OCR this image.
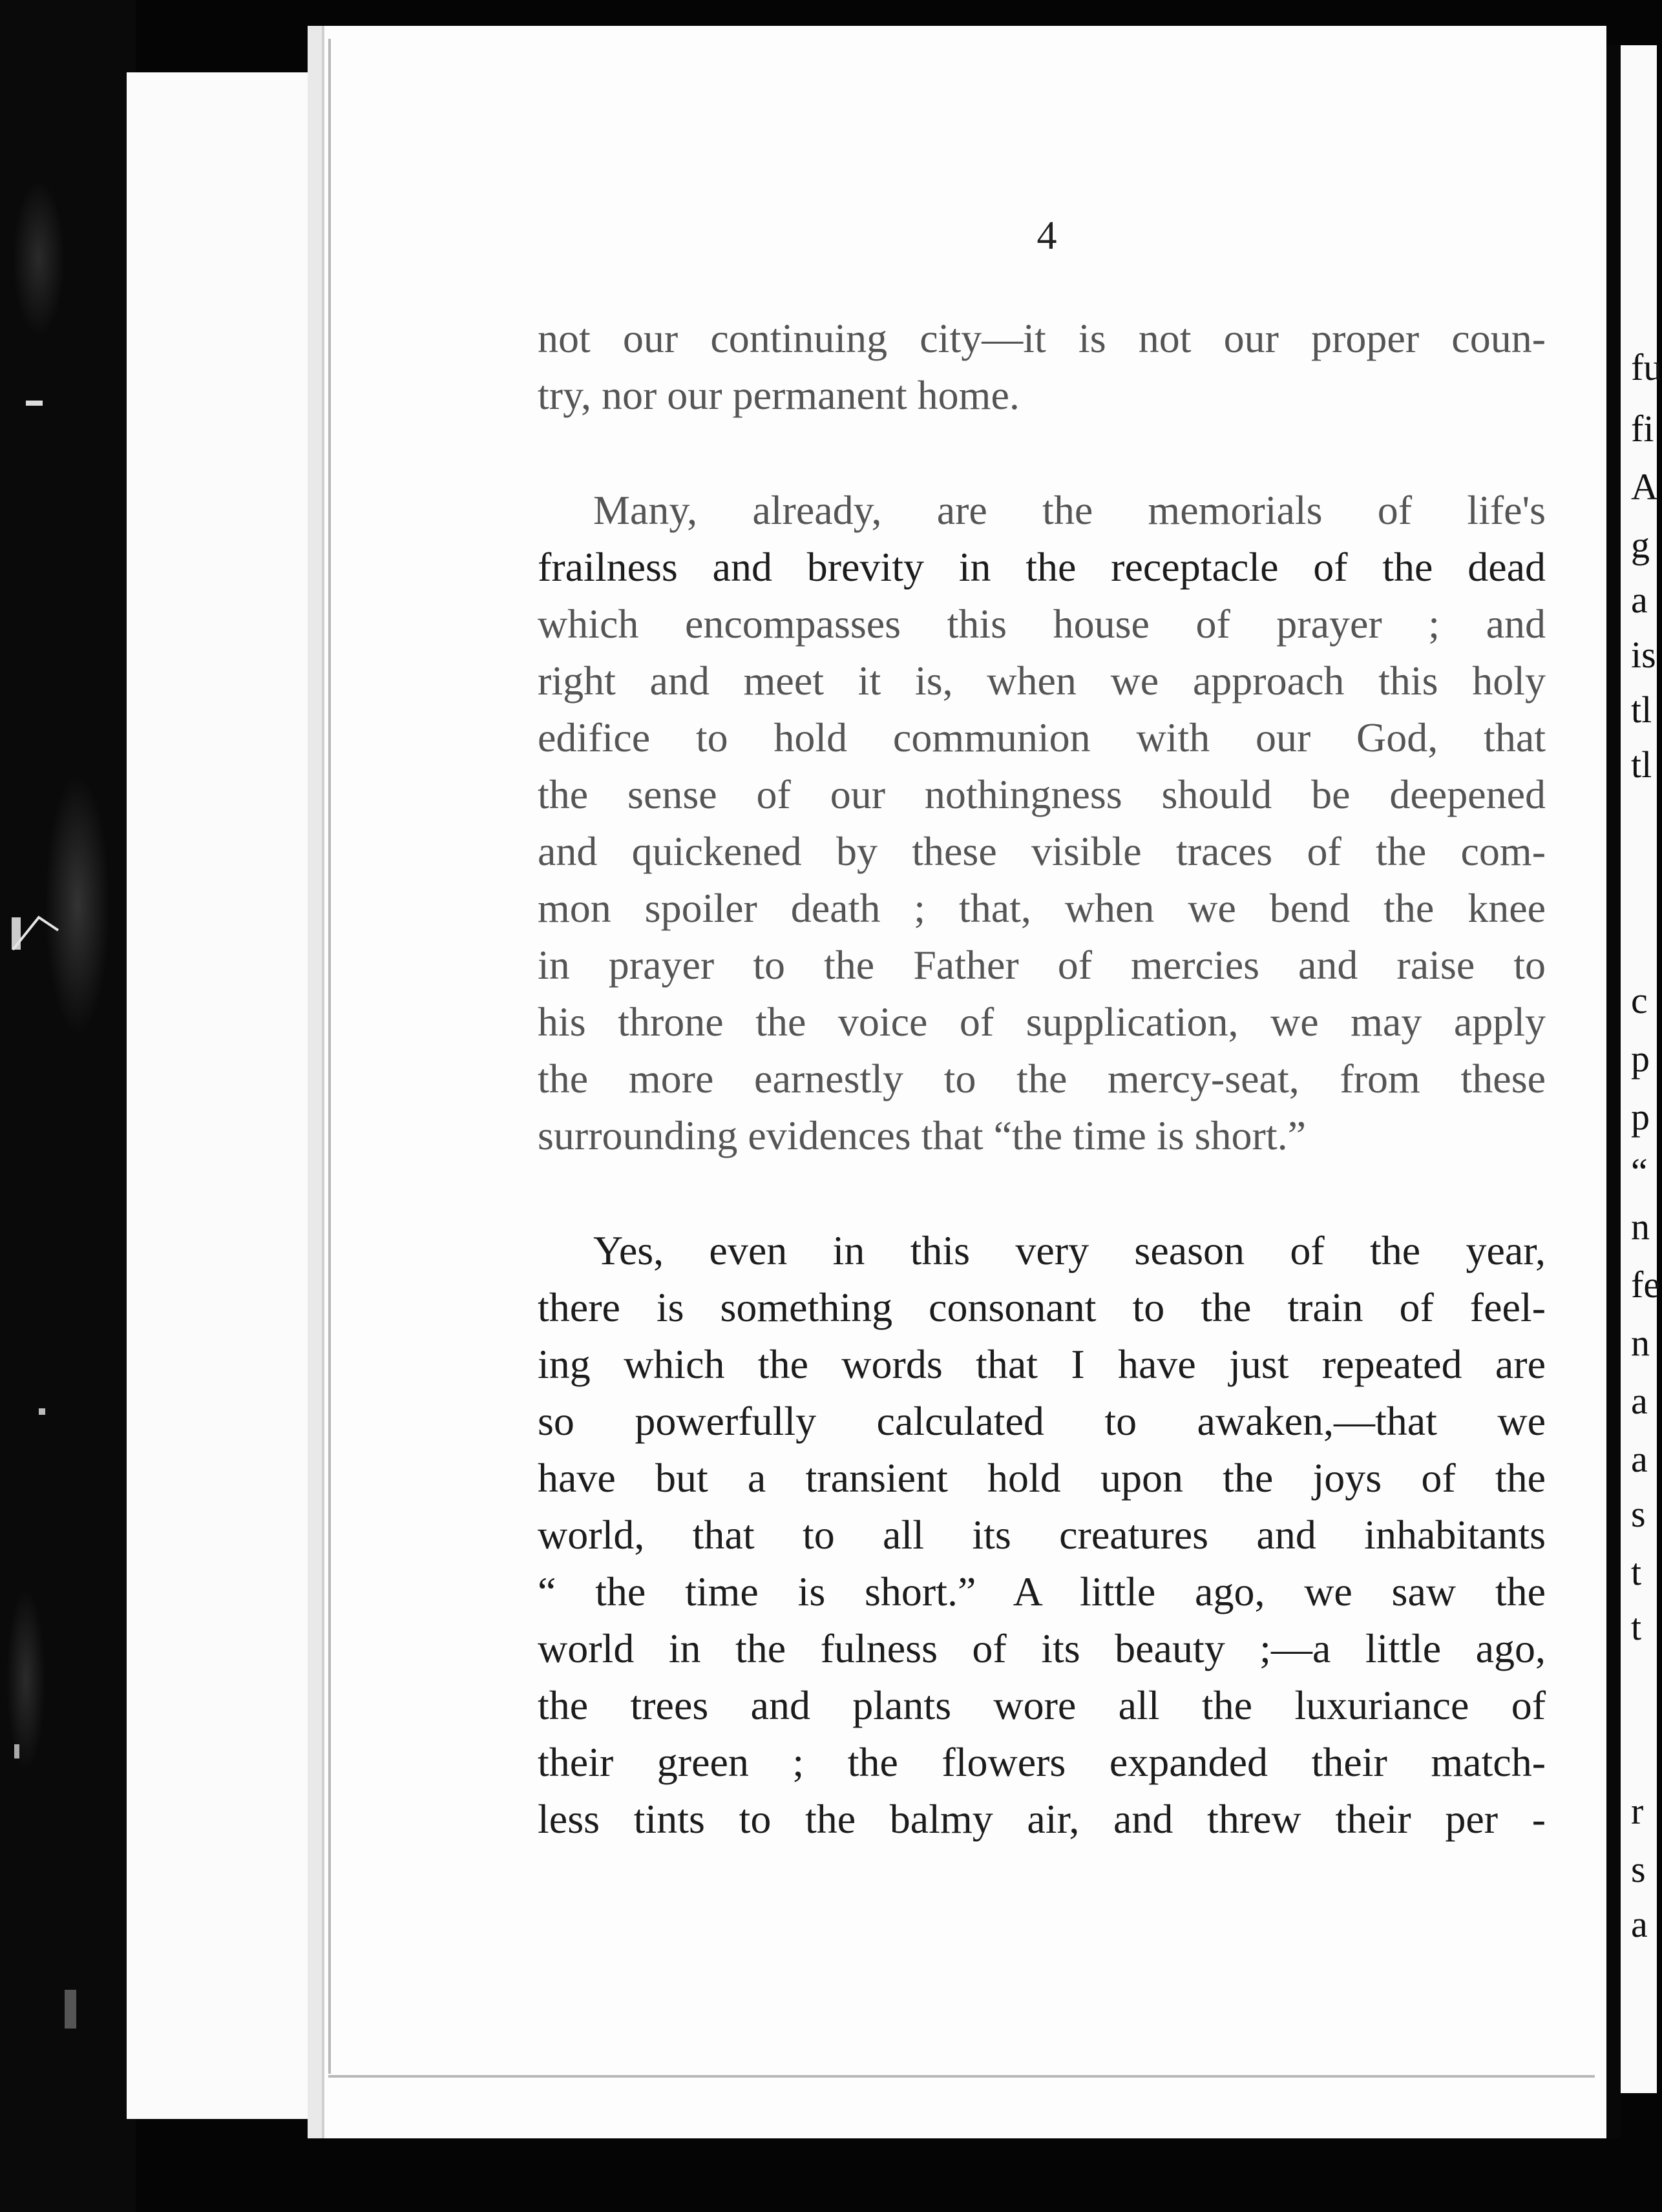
fu
fi
A
g
a
is
tl
tl
c
p
p
“
n
fe
n
a
a
s
t
t
r
s
a
4
not our continuing city—it is not our proper coun-
try, nor our permanent home.
Many, already, are the memorials of life's
frailness and brevity in the receptacle of the dead
which encompasses this house of prayer ; and
right and meet it is, when we approach this holy
edifice to hold communion with our God, that
the sense of our nothingness should be deepened
and quickened by these visible traces of the com-
mon spoiler death ; that, when we bend the knee
in prayer to the Father of mercies and raise to
his throne the voice of supplication, we may apply
the more earnestly to the mercy-seat, from these
surrounding evidences that “the time is short.”
Yes, even in this very season of the year,
there is something consonant to the train of feel-
ing which the words that I have just repeated are
so powerfully calculated to awaken,—that we
have but a transient hold upon the joys of the
world, that to all its creatures and inhabitants
“ the time is short.” A little ago, we saw the
world in the fulness of its beauty ;—a little ago,
the trees and plants wore all the luxuriance of
their green ; the flowers expanded their match-
less tints to the balmy air, and threw their per -
